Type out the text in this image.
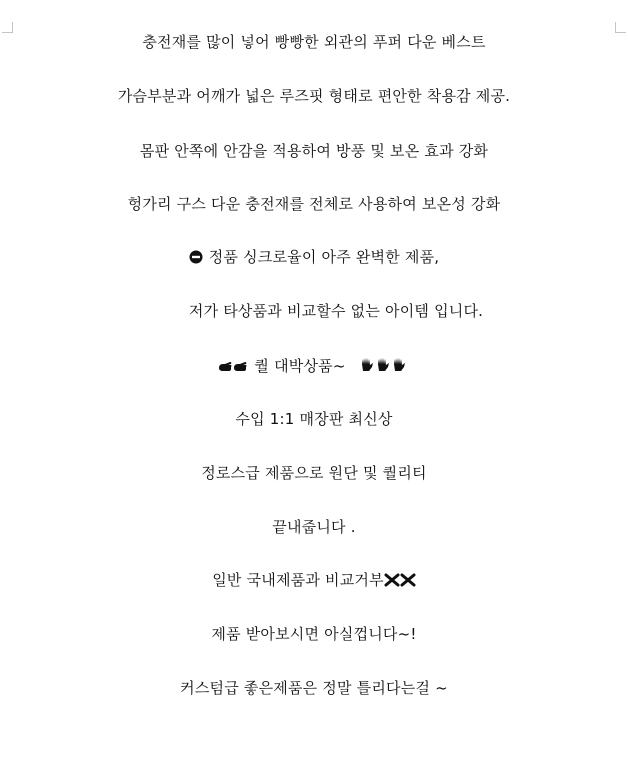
충전재를 많이 넣어 빵빵한 외관의 푸퍼 다운 베스트
가슴부분과 어깨가 넓은 루즈핏 형태로 편안한 착용감 제공.
몸판 안쪽에 안감을 적용하여 방풍 및 보온 효과 강화
헝가리 구스 다운 충전재를 전체로 사용하여 보온성 강화
정품 싱크로율이 아주 완벽한 제품,
저가 타상품과 비교할수 없는 아이템 입니다.
퀄 대박상품~
수입 1:1 매장판 최신상
정로스급 제품으로 원단 및 퀄리티
끝내줍니다 .
일반 국내제품과 비교거부
제품 받아보시면 아실껍니다~!
커스텀급 좋은제품은 정말 틀리다는걸 ~
